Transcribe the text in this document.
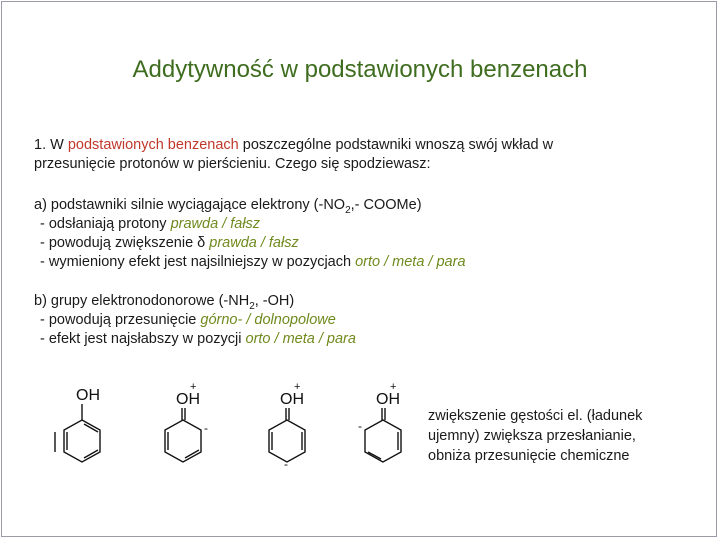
Addytywność w podstawionych benzenach
1. W podstawionych benzenach poszczególne podstawniki wnoszą swój wkład w
przesunięcie protonów w pierścieniu. Czego się spodziewasz:
a) podstawniki silnie wyciągające elektrony ($-NO_2,-$ COOMe)
- odsłaniają protony prawda / fałsz
- powodują zwiększenie δ prawda / fałsz
- wymieniony efekt jest najsilniejszy w pozycjach orto / meta / para
b) grupy elektronodonorowe ($-NH_2$, -OH)
- powodują przesunięcie górno- / dolnopolowe
- efekt jest najsłabszy w pozycji orto / meta / para
OH	+
OH
-
+
OH
-
+
OH
-
zwiększenie gęstości el. (ładunek
ujemny) zwiększa przesłanianie,
obniża przesunięcie chemiczne
